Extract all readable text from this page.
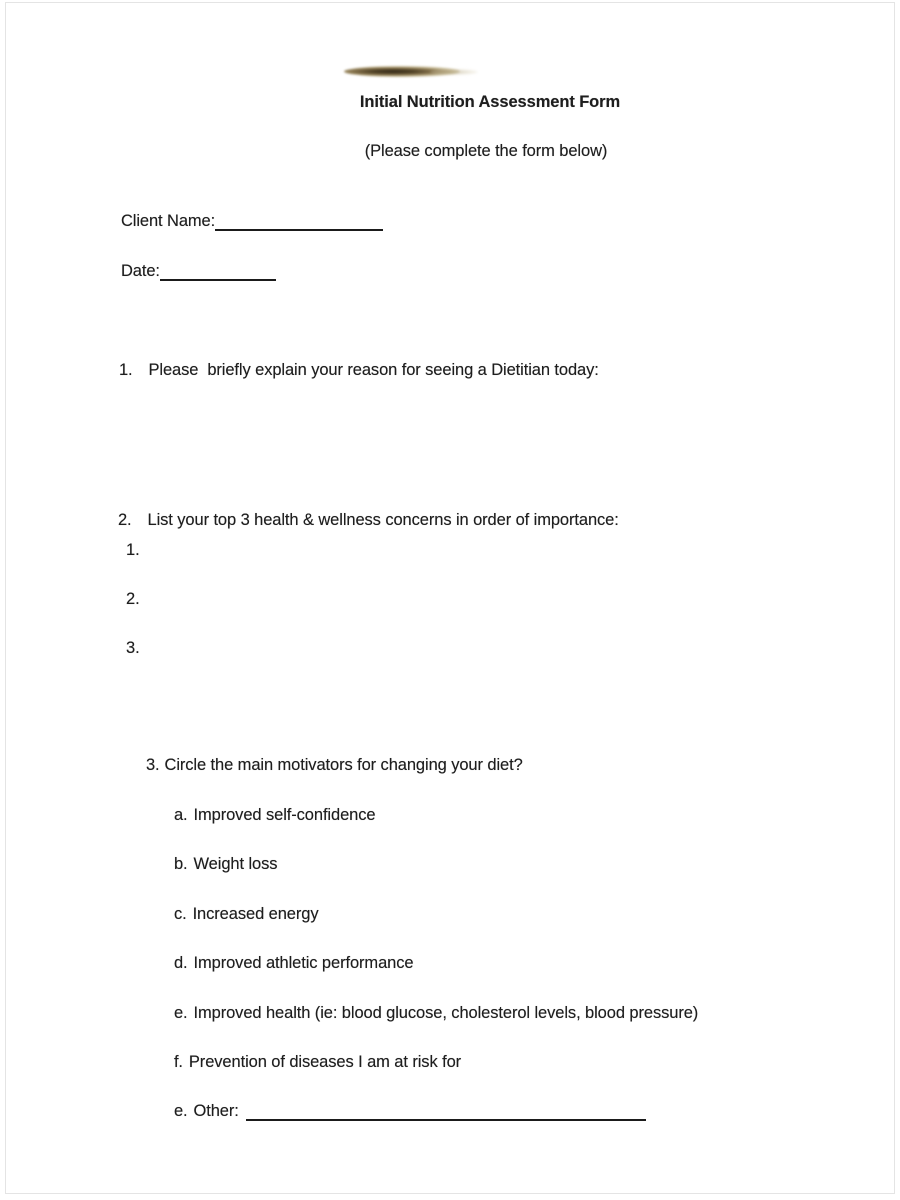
Initial Nutrition Assessment Form
(Please complete the form below)

Client Name:

Date:

1. Please  briefly explain your reason for seeing a Dietitian today:

2. List your top 3 health & wellness concerns in order of importance:

1.
2.
3.

3. Circle the main motivators for changing your diet?

a. Improved self-confidence

b. Weight loss

c. Increased energy

d. Improved athletic performance

e. Improved health (ie: blood glucose, cholesterol levels, blood pressure)

f. Prevention of diseases I am at risk for

e. Other:
